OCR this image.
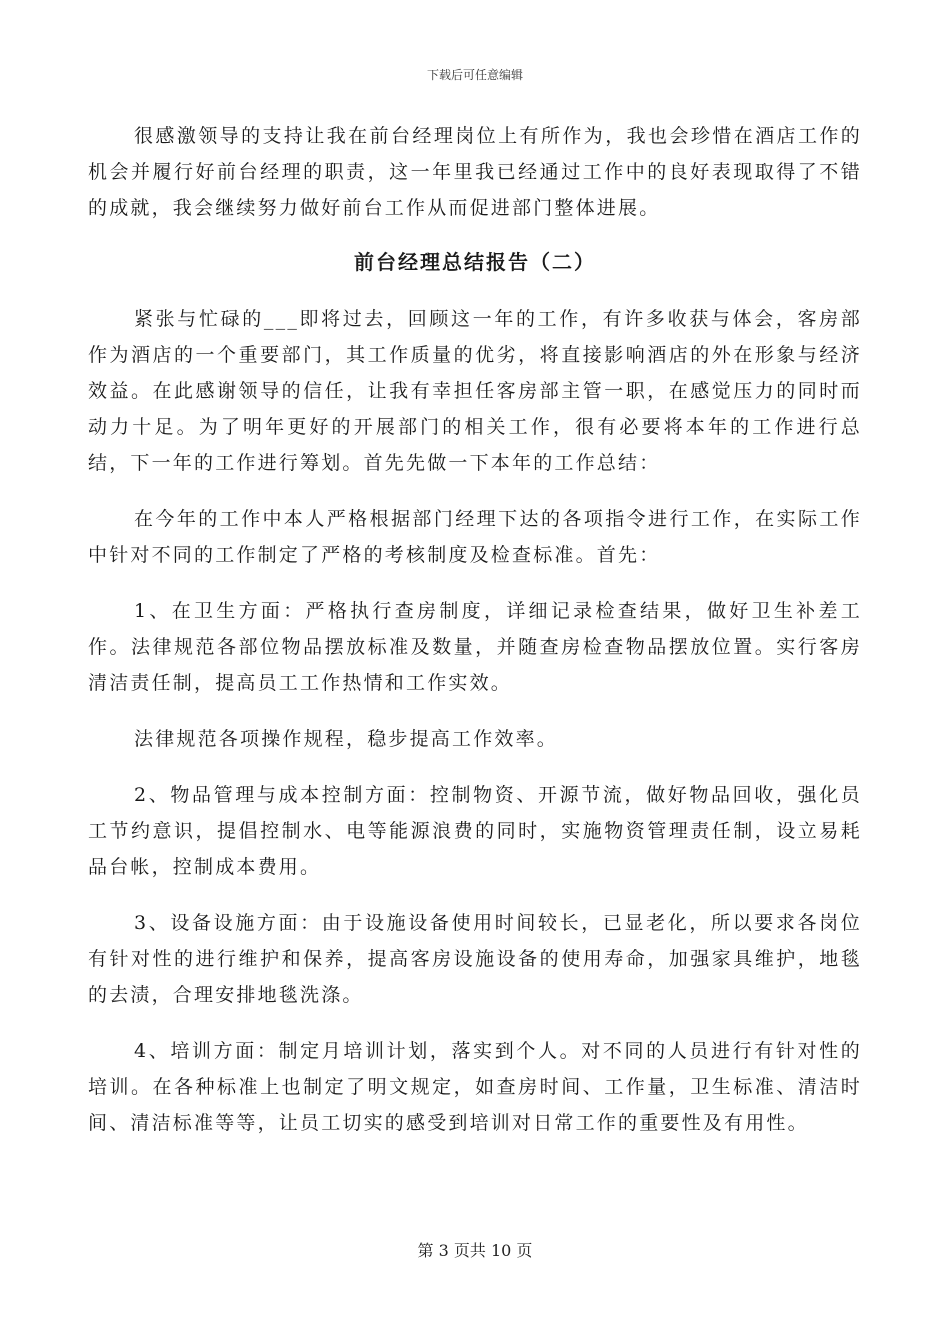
下载后可任意编辑

很感激领导的支持让我在前台经理岗位上有所作为，我也会珍惜在酒店工作的机会并履行好前台经理的职责，这一年里我已经通过工作中的良好表现取得了不错的成就，我会继续努力做好前台工作从而促进部门整体进展。

前台经理总结报告（二）

紧张与忙碌的___即将过去，回顾这一年的工作，有许多收获与体会，客房部作为酒店的一个重要部门，其工作质量的优劣，将直接影响酒店的外在形象与经济效益。在此感谢领导的信任，让我有幸担任客房部主管一职，在感觉压力的同时而动力十足。为了明年更好的开展部门的相关工作，很有必要将本年的工作进行总结，下一年的工作进行筹划。首先先做一下本年的工作总结：

在今年的工作中本人严格根据部门经理下达的各项指令进行工作，在实际工作中针对不同的工作制定了严格的考核制度及检查标准。首先：

1、在卫生方面：严格执行查房制度，详细记录检查结果，做好卫生补差工作。法律规范各部位物品摆放标准及数量，并随查房检查物品摆放位置。实行客房清洁责任制，提高员工工作热情和工作实效。

法律规范各项操作规程，稳步提高工作效率。

2、物品管理与成本控制方面：控制物资、开源节流，做好物品回收，强化员工节约意识，提倡控制水、电等能源浪费的同时，实施物资管理责任制，设立易耗品台帐，控制成本费用。

3、设备设施方面：由于设施设备使用时间较长，已显老化，所以要求各岗位有针对性的进行维护和保养，提高客房设施设备的使用寿命，加强家具维护，地毯的去渍，合理安排地毯洗涤。

4、培训方面：制定月培训计划，落实到个人。对不同的人员进行有针对性的培训。在各种标准上也制定了明文规定，如查房时间、工作量，卫生标准、清洁时间、清洁标准等等，让员工切实的感受到培训对日常工作的重要性及有用性。

第 3 页共 10 页
